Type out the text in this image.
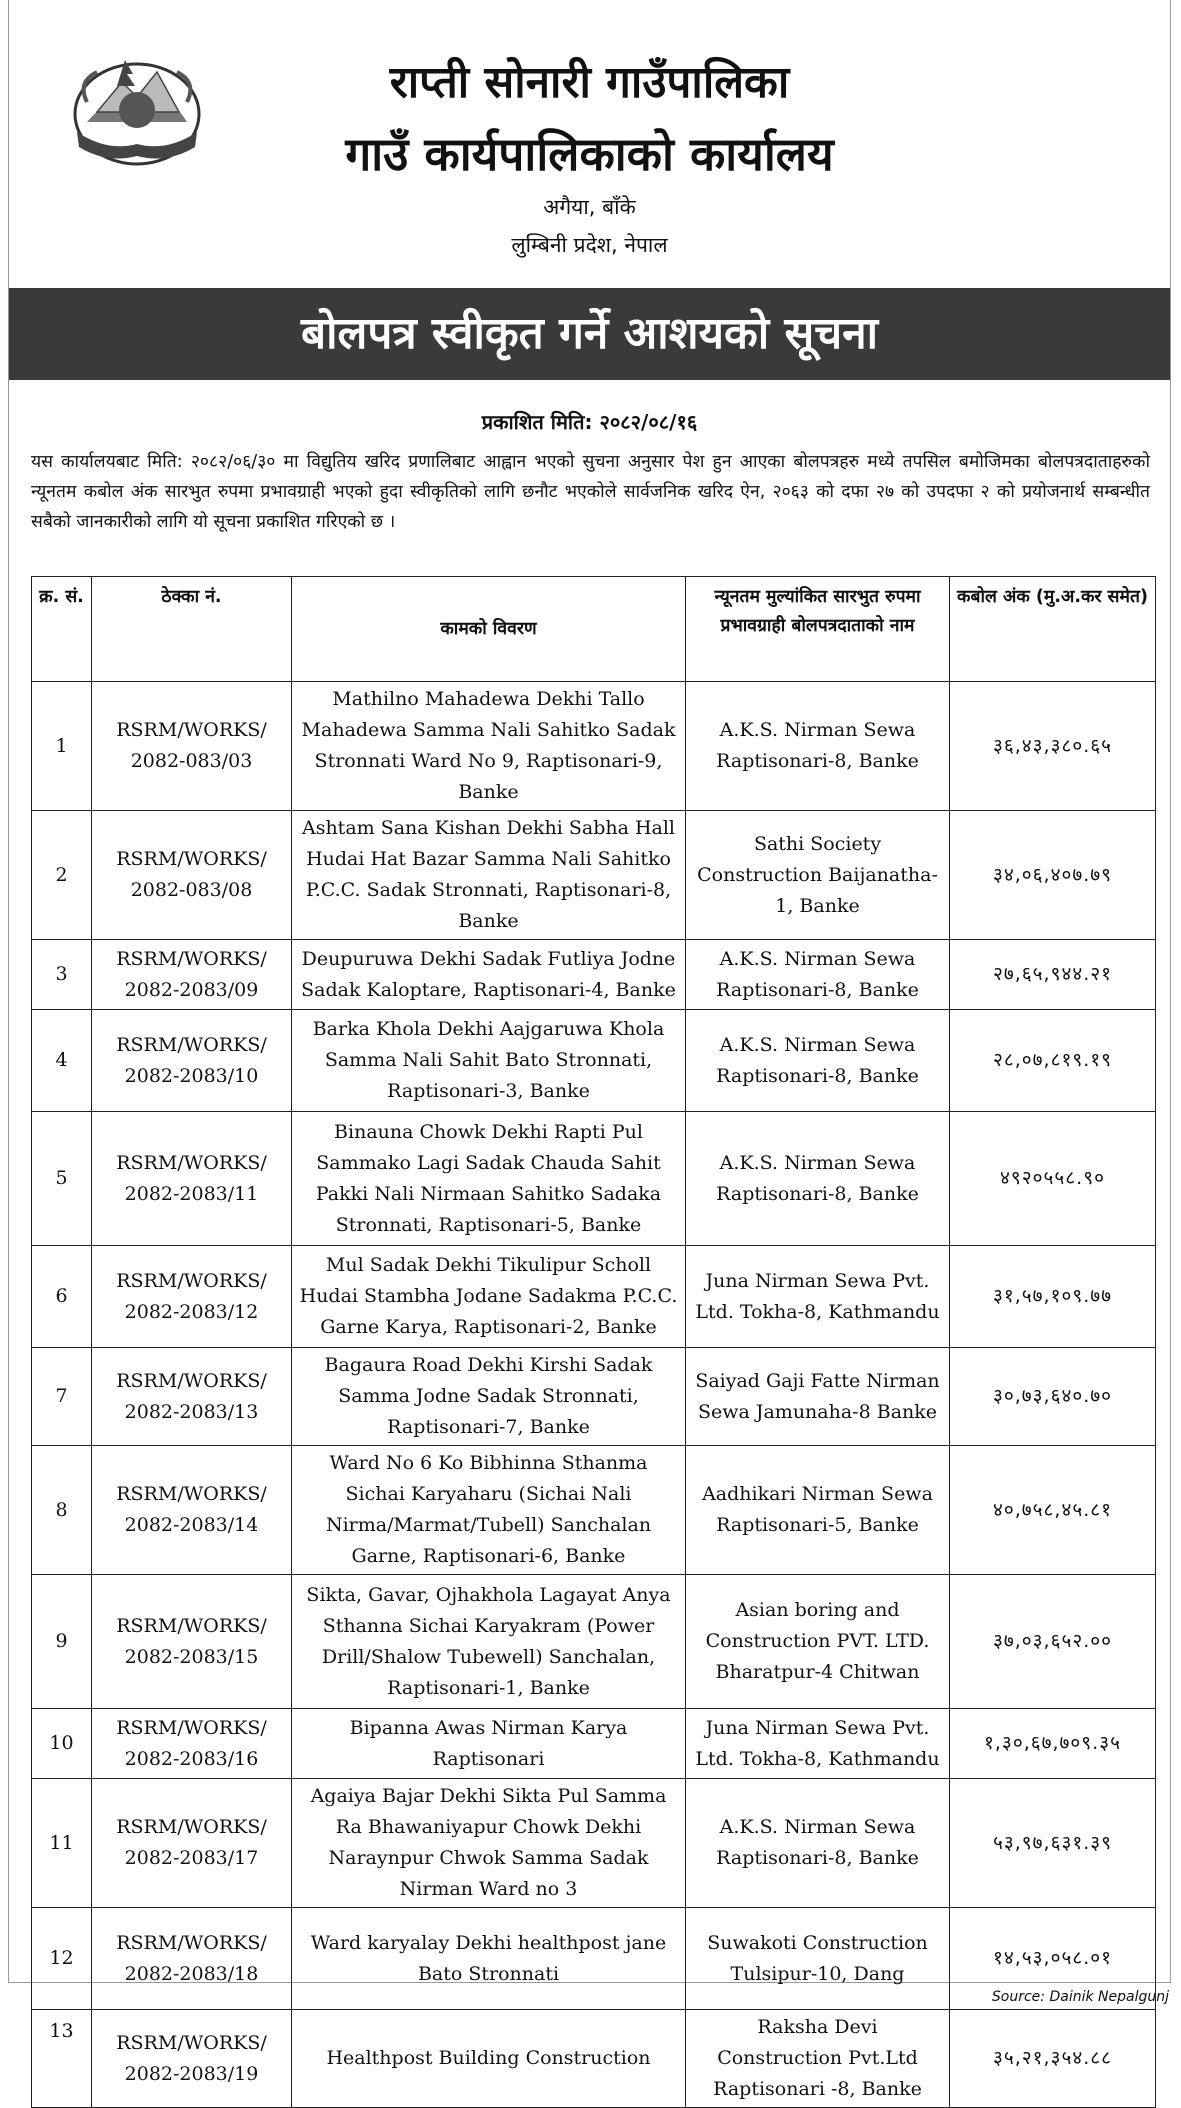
राप्ती सोनारी गाउँपालिका
गाउँ कार्यपालिकाको कार्यालय
अगैया, बाँके
लुम्बिनी प्रदेश, नेपाल
बोलपत्र स्वीकृत गर्ने आशयको सूचना
प्रकाशित मिति: २०८२/०८/१६
यस कार्यालयबाट मिति: २०८२/०६/३० मा विद्युतिय खरिद प्रणालिबाट आह्वान भएको सुचना अनुसार पेश हुन आएका बोलपत्रहरु मध्ये तपसिल बमोजिमका बोलपत्रदाताहरुको न्यूनतम कबोल अंक सारभुत रुपमा प्रभावग्राही भएको हुदा स्वीकृतिको लागि छनौट भएकोले सार्वजनिक खरिद ऐन, २०६३ को दफा २७ को उपदफा २ को प्रयोजनार्थ सम्बन्धीत सबैको जानकारीको लागि यो सूचना प्रकाशित गरिएको छ ।
क्र. सं.	ठेक्का नं.	कामको विवरण	न्यूनतम मुल्यांकित सारभुत रुपमा प्रभावग्राही बोलपत्रदाताको नाम	कबोल अंक (मु.अ.कर समेत)
1	RSRM/WORKS/ 2082-083/03	Mathilno Mahadewa Dekhi Tallo Mahadewa Samma Nali Sahitko Sadak Stronnati Ward No 9, Raptisonari-9, Banke	A.K.S. Nirman Sewa Raptisonari-8, Banke	३६,४३,३८०.६५
2	RSRM/WORKS/ 2082-083/08	Ashtam Sana Kishan Dekhi Sabha Hall Hudai Hat Bazar Samma Nali Sahitko P.C.C. Sadak Stronnati, Raptisonari-8, Banke	Sathi Society Construction Baijanatha-1, Banke	३४,०६,४०७.७९
3	RSRM/WORKS/ 2082-2083/09	Deupuruwa Dekhi Sadak Futliya Jodne Sadak Kaloptare, Raptisonari-4, Banke	A.K.S. Nirman Sewa Raptisonari-8, Banke	२७,६५,९४४.२१
4	RSRM/WORKS/ 2082-2083/10	Barka Khola Dekhi Aajgaruwa Khola Samma Nali Sahit Bato Stronnati, Raptisonari-3, Banke	A.K.S. Nirman Sewa Raptisonari-8, Banke	२८,०७,८१९.१९
5	RSRM/WORKS/ 2082-2083/11	Binauna Chowk Dekhi Rapti Pul Sammako Lagi Sadak Chauda Sahit Pakki Nali Nirmaan Sahitko Sadaka Stronnati, Raptisonari-5, Banke	A.K.S. Nirman Sewa Raptisonari-8, Banke	४९२०५५८.९०
6	RSRM/WORKS/ 2082-2083/12	Mul Sadak Dekhi Tikulipur Scholl Hudai Stambha Jodane Sadakma P.C.C. Garne Karya, Raptisonari-2, Banke	Juna Nirman Sewa Pvt. Ltd. Tokha-8, Kathmandu	३१,५७,१०९.७७
7	RSRM/WORKS/ 2082-2083/13	Bagaura Road Dekhi Kirshi Sadak Samma Jodne Sadak Stronnati, Raptisonari-7, Banke	Saiyad Gaji Fatte Nirman Sewa Jamunaha-8 Banke	३०,७३,६४०.७०
8	RSRM/WORKS/ 2082-2083/14	Ward No 6 Ko Bibhinna Sthanma Sichai Karyaharu (Sichai Nali Nirma/Marmat/Tubell) Sanchalan Garne, Raptisonari-6, Banke	Aadhikari Nirman Sewa Raptisonari-5, Banke	४०,७५८,४५.८१
9	RSRM/WORKS/ 2082-2083/15	Sikta, Gavar, Ojhakhola Lagayat Anya Sthanna Sichai Karyakram (Power Drill/Shalow Tubewell) Sanchalan, Raptisonari-1, Banke	Asian boring and Construction PVT. LTD. Bharatpur-4 Chitwan	३७,०३,६५२.००
10	RSRM/WORKS/ 2082-2083/16	Bipanna Awas Nirman Karya Raptisonari	Juna Nirman Sewa Pvt. Ltd. Tokha-8, Kathmandu	१,३०,६७,७०९.३५
11	RSRM/WORKS/ 2082-2083/17	Agaiya Bajar Dekhi Sikta Pul Samma Ra Bhawaniyapur Chowk Dekhi Naraynpur Chwok Samma Sadak Nirman Ward no 3	A.K.S. Nirman Sewa Raptisonari-8, Banke	५३,९७,६३१.३९
12	RSRM/WORKS/ 2082-2083/18	Ward karyalay Dekhi healthpost jane Bato Stronnati	Suwakoti Construction Tulsipur-10, Dang	१४,५३,०५८.०१
13	RSRM/WORKS/ 2082-2083/19	Healthpost Building Construction	Raksha Devi Construction Pvt.Ltd Raptisonari -8, Banke	३५,२१,३५४.८८
Source: Dainik Nepalgunj
